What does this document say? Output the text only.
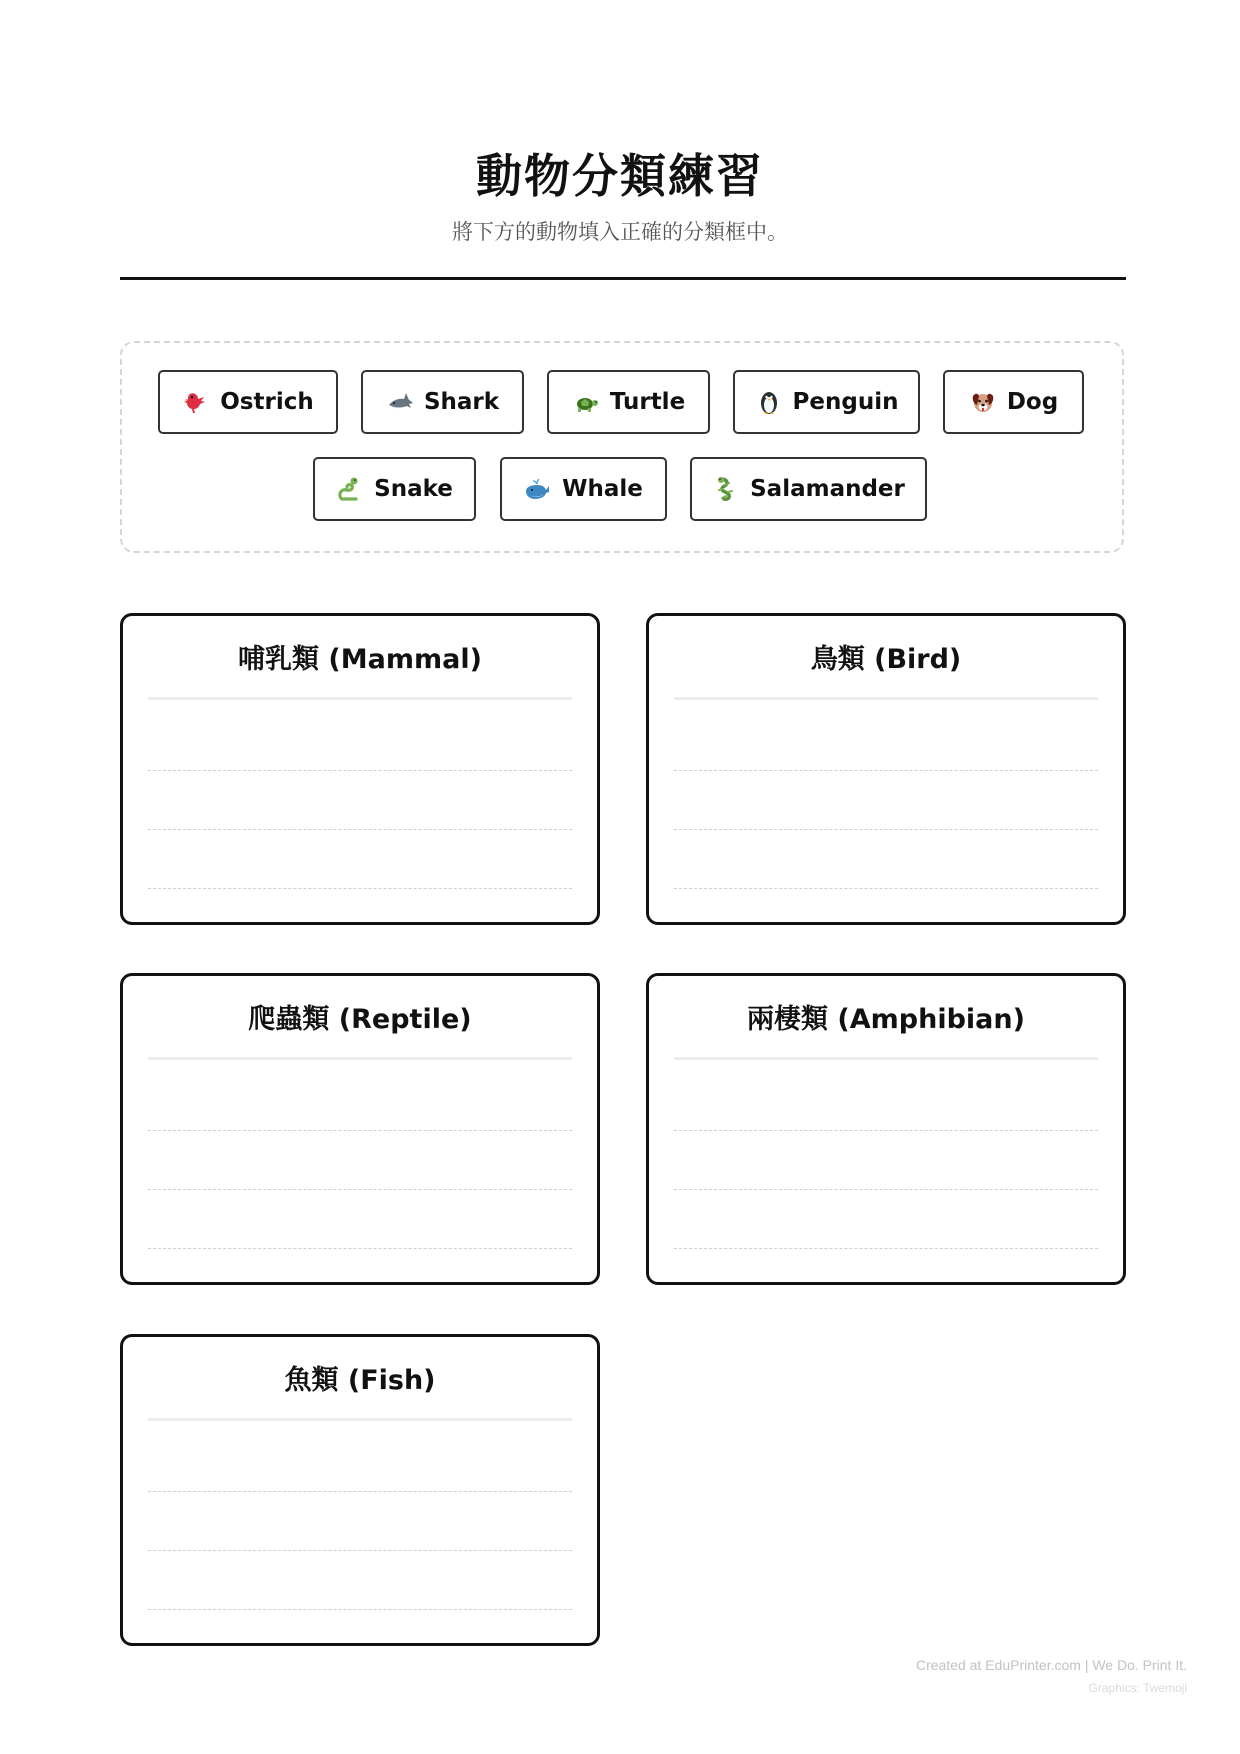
動物分類練習

將下方的動物填入正確的分類框中。

Ostrich	Shark	Turtle	Penguin	Dog
Snake	Whale	Salamander
哺乳類 (Mammal)	鳥類 (Bird)
爬蟲類 (Reptile)	兩棲類 (Amphibian)
魚類 (Fish)
Created at EduPrinter.com | We Do. Print It.
Graphics: Twemoji
